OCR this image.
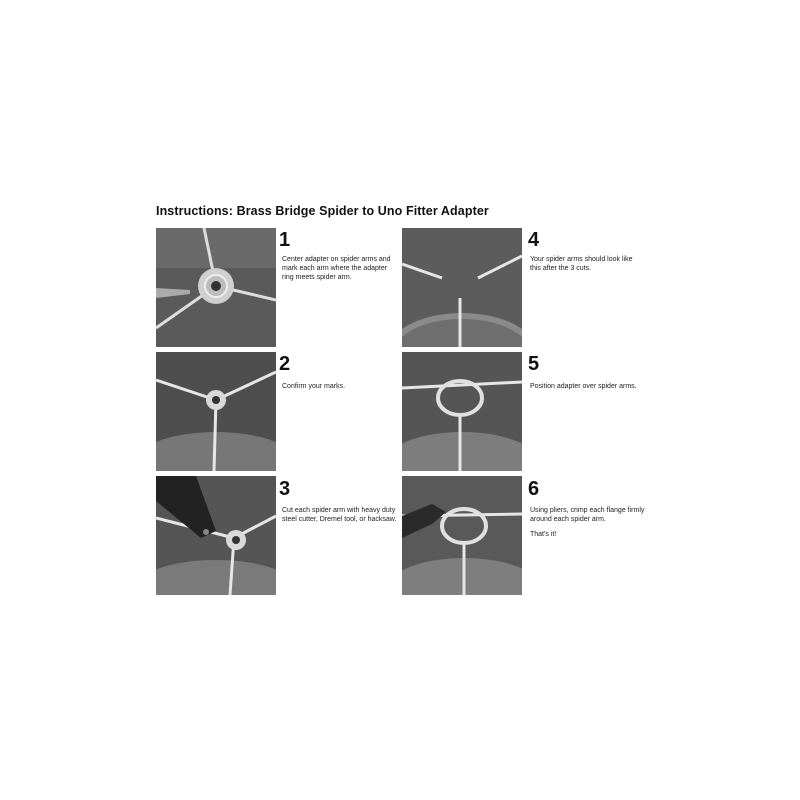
Instructions: Brass Bridge Spider to Uno Fitter Adapter
1

Center adapter on spider arms and mark each arm where the adapter ring meets spider arm.

2

Confirm your marks.

3

Cut each spider arm with heavy duty steel cutter, Dremel tool, or hacksaw.

4

Your spider arms should look like this after the 3 cuts.

5

Position adapter over spider arms.

6

Using pliers, crimp each flange firmly around each spider arm.

That's it!
